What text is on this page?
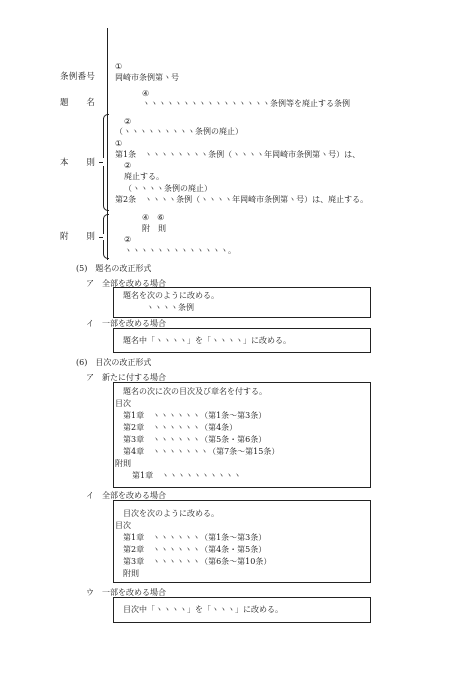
条例番号
題　　名
本　　則
附　　則
①
岡崎市条例第ヽ号
④
ヽヽヽヽヽヽヽヽヽヽヽヽヽヽヽヽ条例等を廃止する条例
②
（ヽヽヽヽヽヽヽヽヽ条例の廃止）
①
第1条　ヽヽヽヽヽヽヽヽ条例（ヽヽヽヽ年岡崎市条例第ヽ号）は、
②
廃止する。
（ヽヽヽヽ条例の廃止）
第2条　ヽヽヽヽ条例（ヽヽヽヽ年岡崎市条例第ヽ号）は、廃止する。
④　⑥
附　則
②
ヽヽヽヽヽヽヽヽヽヽヽヽヽ。
(5)　題名の改正形式
ア　全部を改める場合
題名を次のように改める。
ヽヽヽヽ条例
イ　一部を改める場合
題名中「ヽヽヽヽ」を「ヽヽヽヽ」に改める。
(6)　目次の改正形式
ア　新たに付する場合
題名の次に次の目次及び章名を付する。
目次
第1章　ヽヽヽヽヽヽ（第1条〜第3条）
第2章　ヽヽヽヽヽヽ（第4条）
第3章　ヽヽヽヽヽヽ（第5条・第6条）
第4章　ヽヽヽヽヽヽヽ（第7条〜第15条）
附則
第1章　ヽヽヽヽヽヽヽヽヽヽ
イ　全部を改める場合
目次を次のように改める。
目次
第1章　ヽヽヽヽヽヽ（第1条〜第3条）
第2章　ヽヽヽヽヽヽ（第4条・第5条）
第3章　ヽヽヽヽヽヽ（第6条〜第10条）
附則
ウ　一部を改める場合
目次中「ヽヽヽヽ」を「ヽヽヽ」に改める。
